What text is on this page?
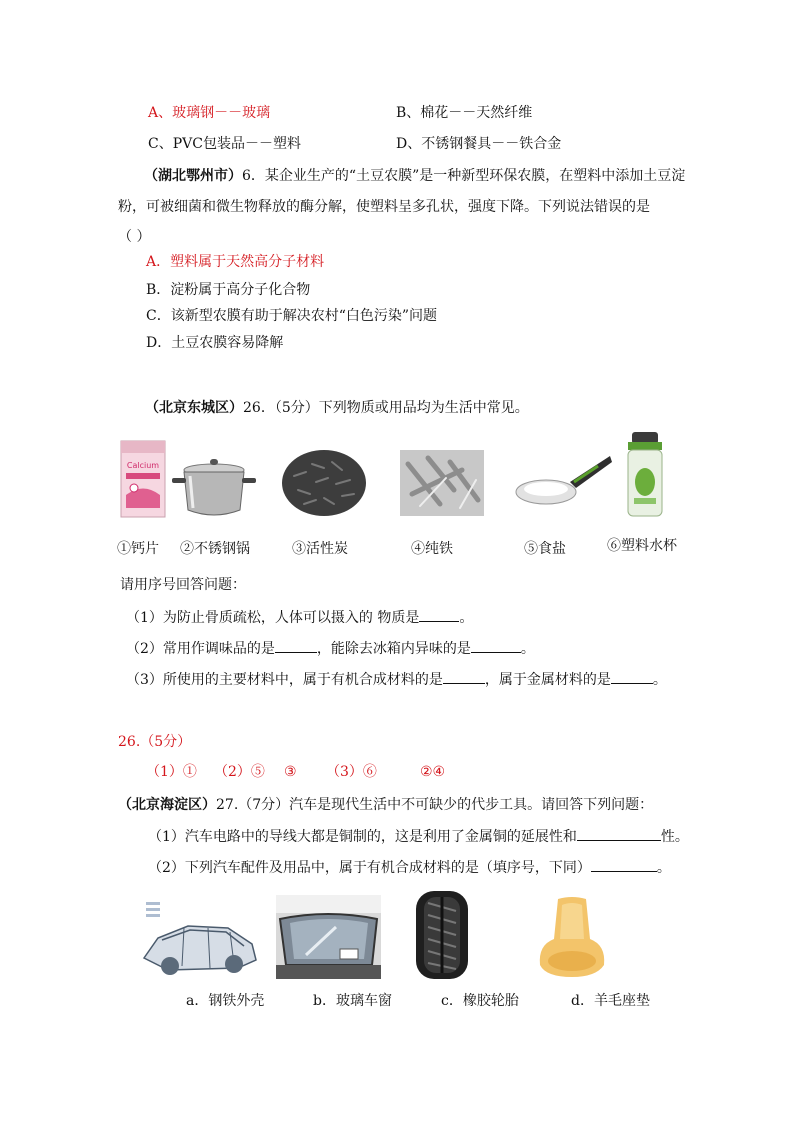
A、玻璃钢－－玻璃	B、棉花－－天然纤维
C、PVC包装品－－塑料	D、不锈钢餐具－－铁合金
（湖北鄂州市）6．某企业生产的“土豆农膜”是一种新型环保农膜，在塑料中添加土豆淀
粉，可被细菌和微生物释放的酶分解，使塑料呈多孔状，强度下降。下列说法错误的是
（ ）
A．塑料属于天然高分子材料
B．淀粉属于高分子化合物
C．该新型农膜有助于解决农村“白色污染”问题
D．土豆农膜容易降解
（北京东城区）26．（5分）下列物质或用品均为生活中常见。
Calcium
①钙片 ②不锈钢锅	③活性炭	④纯铁	⑤食盐	⑥塑料水杯
请用序号回答问题：
（1）为防止骨质疏松，人体可以摄入的 物质是	。
（2）常用作调味品的是	，能除去冰箱内异味的是	。
（3）所使用的主要材料中，属于有机合成材料的是	，属于金属材料的是	。
26.（5分）
（1）① （2）⑤ ③ （3）⑥	②④
（北京海淀区）27.（7分）汽车是现代生活中不可缺少的代步工具。请回答下列问题：
（1）汽车电路中的导线大都是铜制的，这是利用了金属铜的延展性和	性。
（2）下列汽车配件及用品中，属于有机合成材料的是（填序号，下同）	。
a．钢铁外壳	b．玻璃车窗	c．橡胶轮胎	d．羊毛座垫
